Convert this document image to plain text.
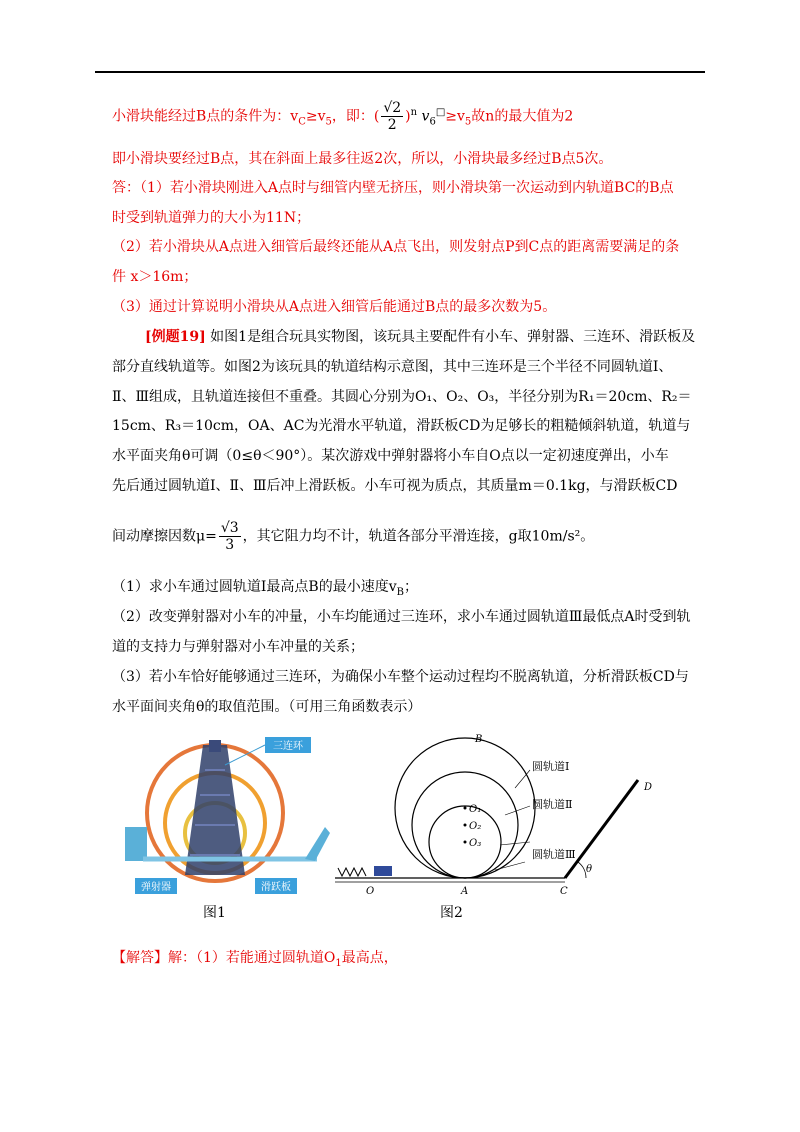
小滑块能经过B点的条件为：$v_C\ge v_5$，即：( $\frac{√2}{2} )^n$ $v_6^□\ge v_5$故n的最大值为2
即小滑块要经过B点，其在斜面上最多往返2次，所以，小滑块最多经过B点5次。
答：（1）若小滑块刚进入A点时与细管内壁无挤压，则小滑块第一次运动到内轨道BC的B点
时受到轨道弹力的大小为11N；
（2）若小滑块从A点进入细管后最终还能从A点飞出，则发射点P到C点的距离需要满足的条
件 x＞16m；
（3）通过计算说明小滑块从A点进入细管后能通过B点的最多次数为5。
[例题19] 如图1是组合玩具实物图，该玩具主要配件有小车、弹射器、三连环、滑跃板及
部分直线轨道等。如图2为该玩具的轨道结构示意图，其中三连环是三个半径不同圆轨道Ⅰ、
Ⅱ、Ⅲ组成，且轨道连接但不重叠。其圆心分别为O₁、O₂、O₃，半径分别为R₁＝20cm、R₂＝
15cm、R₃＝10cm，OA、AC为光滑水平轨道，滑跃板CD为足够长的粗糙倾斜轨道，轨道与
水平面夹角θ可调（0≤θ＜90°）。某次游戏中弹射器将小车自O点以一定初速度弹出，小车
先后通过圆轨道Ⅰ、Ⅱ、Ⅲ后冲上滑跃板。小车可视为质点，其质量m＝0.1kg，与滑跃板CD
间动摩擦因数$\mu= \frac{√3}{3}$ ，其它阻力均不计，轨道各部分平滑连接，g取10m/s²。
（1）求小车通过圆轨道Ⅰ最高点B的最小速度$v_B$；
（2）改变弹射器对小车的冲量，小车均能通过三连环，求小车通过圆轨道Ⅲ最低点A时受到轨
道的支持力与弹射器对小车冲量的关系；
（3）若小车恰好能够通过三连环，为确保小车整个运动过程均不脱离轨道，分析滑跃板CD与
水平面间夹角θ的取值范围。（可用三角函数表示）
三连环
弹射器	滑跃板
图1
B
圆轨道Ⅰ
圆轨道Ⅱ
圆轨道Ⅲ
O₁
O₂
O₃
O	A	C
D
θ
图2
【解答】解：（1）若能通过圆轨道$O_1$最高点，
